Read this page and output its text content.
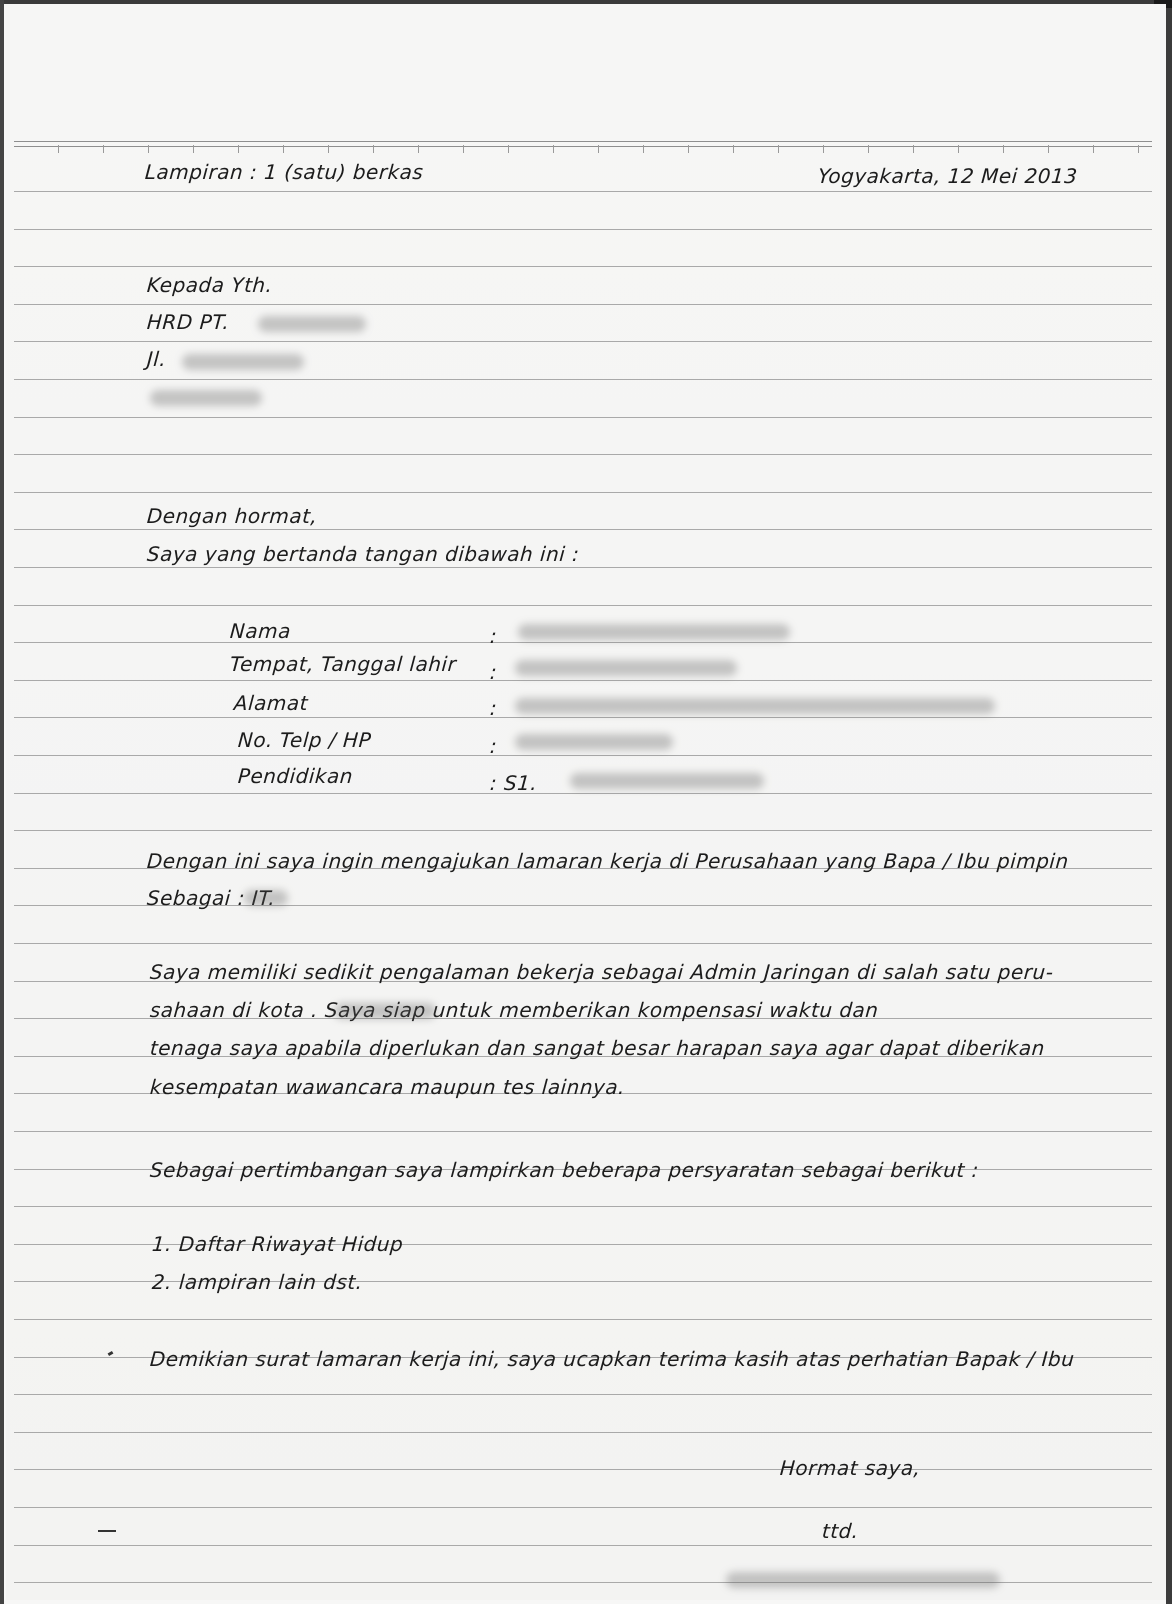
Lampiran : 1 (satu) berkas	Yogyakarta, 12 Mei 2013
Kepada Yth.
HRD PT.
Jl.
Dengan hormat,
Saya yang bertanda tangan dibawah ini :
Nama	:
Tempat, Tanggal lahir :
Alamat	:
No. Telp / HP	:
Pendidikan	: S1.
Dengan ini saya ingin mengajukan lamaran kerja di Perusahaan yang Bapa / Ibu pimpin
Sebagai : IT.
Saya memiliki sedikit pengalaman bekerja sebagai Admin Jaringan di salah satu peru-
sahaan di kota . Saya siap untuk memberikan kompensasi waktu dan
tenaga saya apabila diperlukan dan sangat besar harapan saya agar dapat diberikan
kesempatan wawancara maupun tes lainnya.
Sebagai pertimbangan saya lampirkan beberapa persyaratan sebagai berikut :
1. Daftar Riwayat Hidup
2. lampiran lain dst.
Demikian surat lamaran kerja ini, saya ucapkan terima kasih atas perhatian Bapak / Ibu
Hormat saya,
ttd.
